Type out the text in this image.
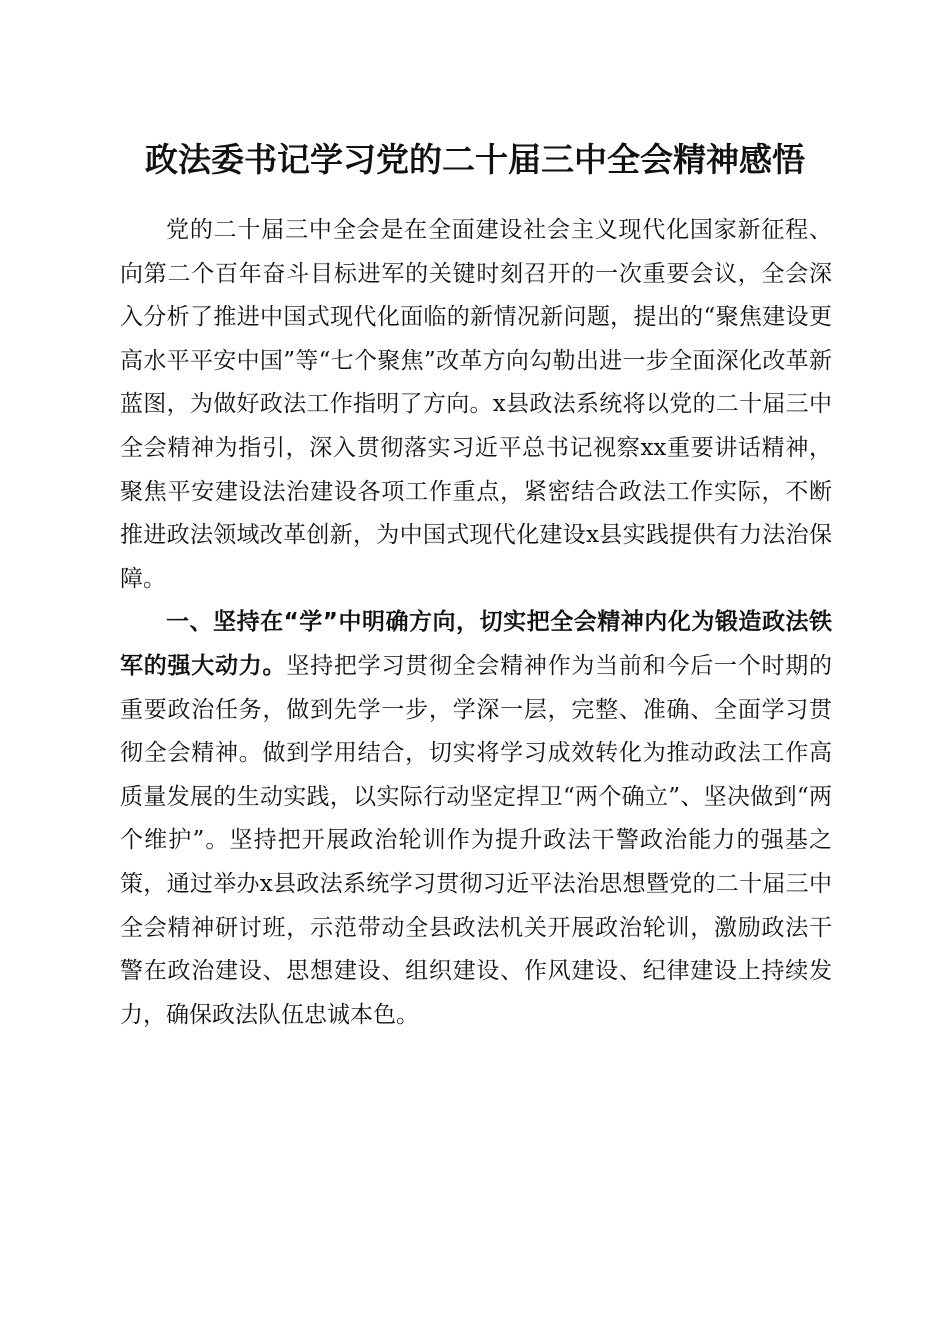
政法委书记学习党的二十届三中全会精神感悟

党的二十届三中全会是在全面建设社会主义现代化国家新征程、向第二个百年奋斗目标进军的关键时刻召开的一次重要会议，全会深入分析了推进中国式现代化面临的新情况新问题，提出的“聚焦建设更高水平平安中国”等“七个聚焦”改革方向勾勒出进一步全面深化改革新蓝图，为做好政法工作指明了方向。x县政法系统将以党的二十届三中全会精神为指引，深入贯彻落实习近平总书记视察xx重要讲话精神，聚焦平安建设法治建设各项工作重点，紧密结合政法工作实际，不断推进政法领域改革创新，为中国式现代化建设x县实践提供有力法治保障。

一、坚持在“学”中明确方向，切实把全会精神内化为锻造政法铁军的强大动力。坚持把学习贯彻全会精神作为当前和今后一个时期的重要政治任务，做到先学一步，学深一层，完整、准确、全面学习贯彻全会精神。做到学用结合，切实将学习成效转化为推动政法工作高质量发展的生动实践，以实际行动坚定捍卫“两个确立”、坚决做到“两个维护”。坚持把开展政治轮训作为提升政法干警政治能力的强基之策，通过举办x县政法系统学习贯彻习近平法治思想暨党的二十届三中全会精神研讨班，示范带动全县政法机关开展政治轮训，激励政法干警在政治建设、思想建设、组织建设、作风建设、纪律建设上持续发力，确保政法队伍忠诚本色。
